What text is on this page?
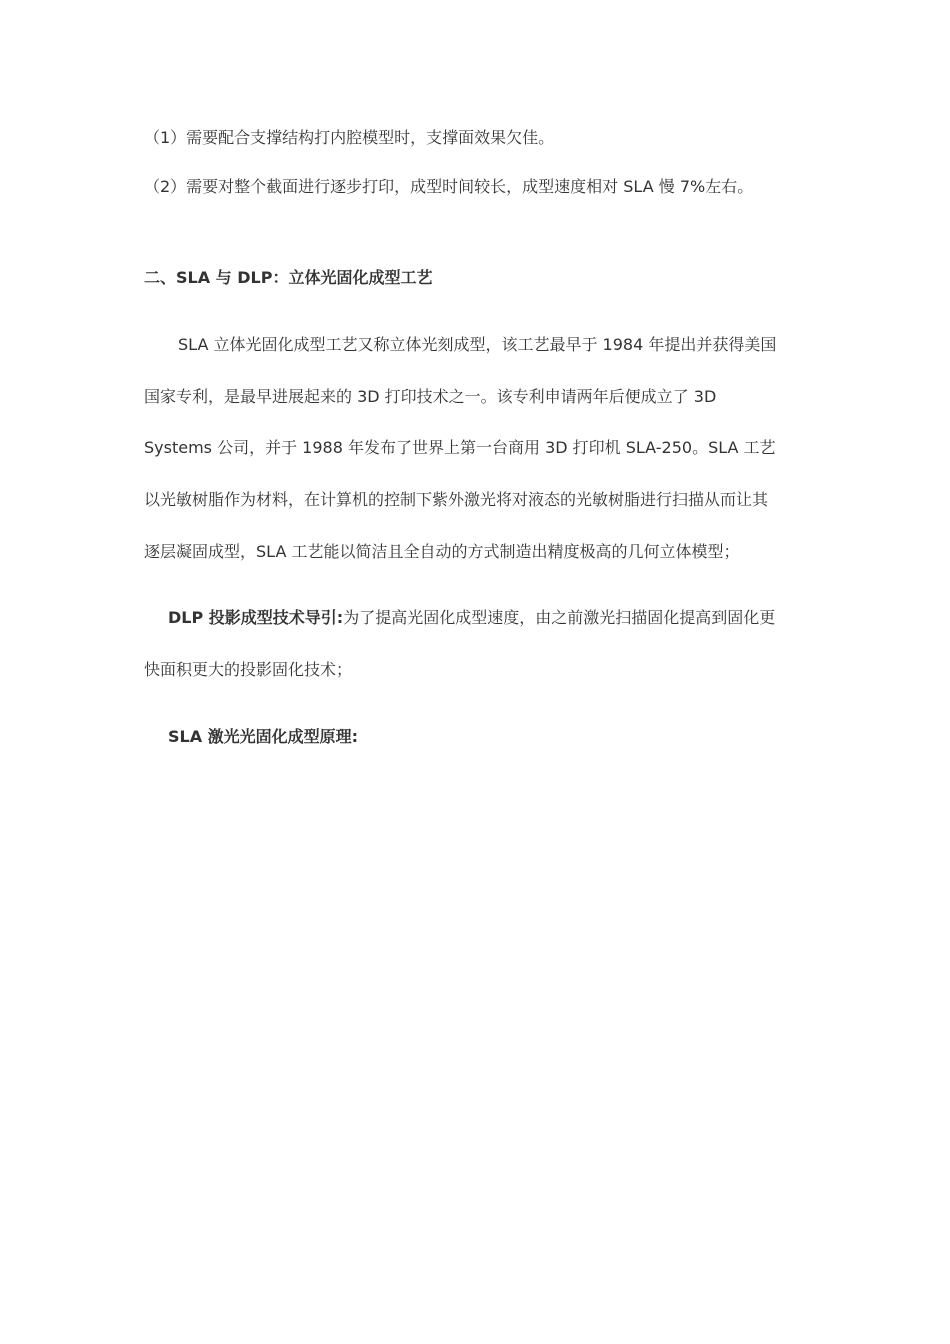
（1）需要配合支撑结构打内腔模型时，支撑面效果欠佳。
（2）需要对整个截面进行逐步打印，成型时间较长，成型速度相对 SLA 慢 7%左右。
二、SLA 与 DLP：立体光固化成型工艺
SLA 立体光固化成型工艺又称立体光刻成型，该工艺最早于 1984 年提出并获得美国
国家专利，是最早进展起来的 3D 打印技术之一。该专利申请两年后便成立了 3D
Systems 公司，并于 1988 年发布了世界上第一台商用 3D 打印机 SLA-250。SLA 工艺
以光敏树脂作为材料，在计算机的控制下紫外激光将对液态的光敏树脂进行扫描从而让其
逐层凝固成型，SLA 工艺能以简洁且全自动的方式制造出精度极高的几何立体模型；
DLP 投影成型技术导引:为了提高光固化成型速度，由之前激光扫描固化提高到固化更
快面积更大的投影固化技术；
SLA 激光光固化成型原理:
